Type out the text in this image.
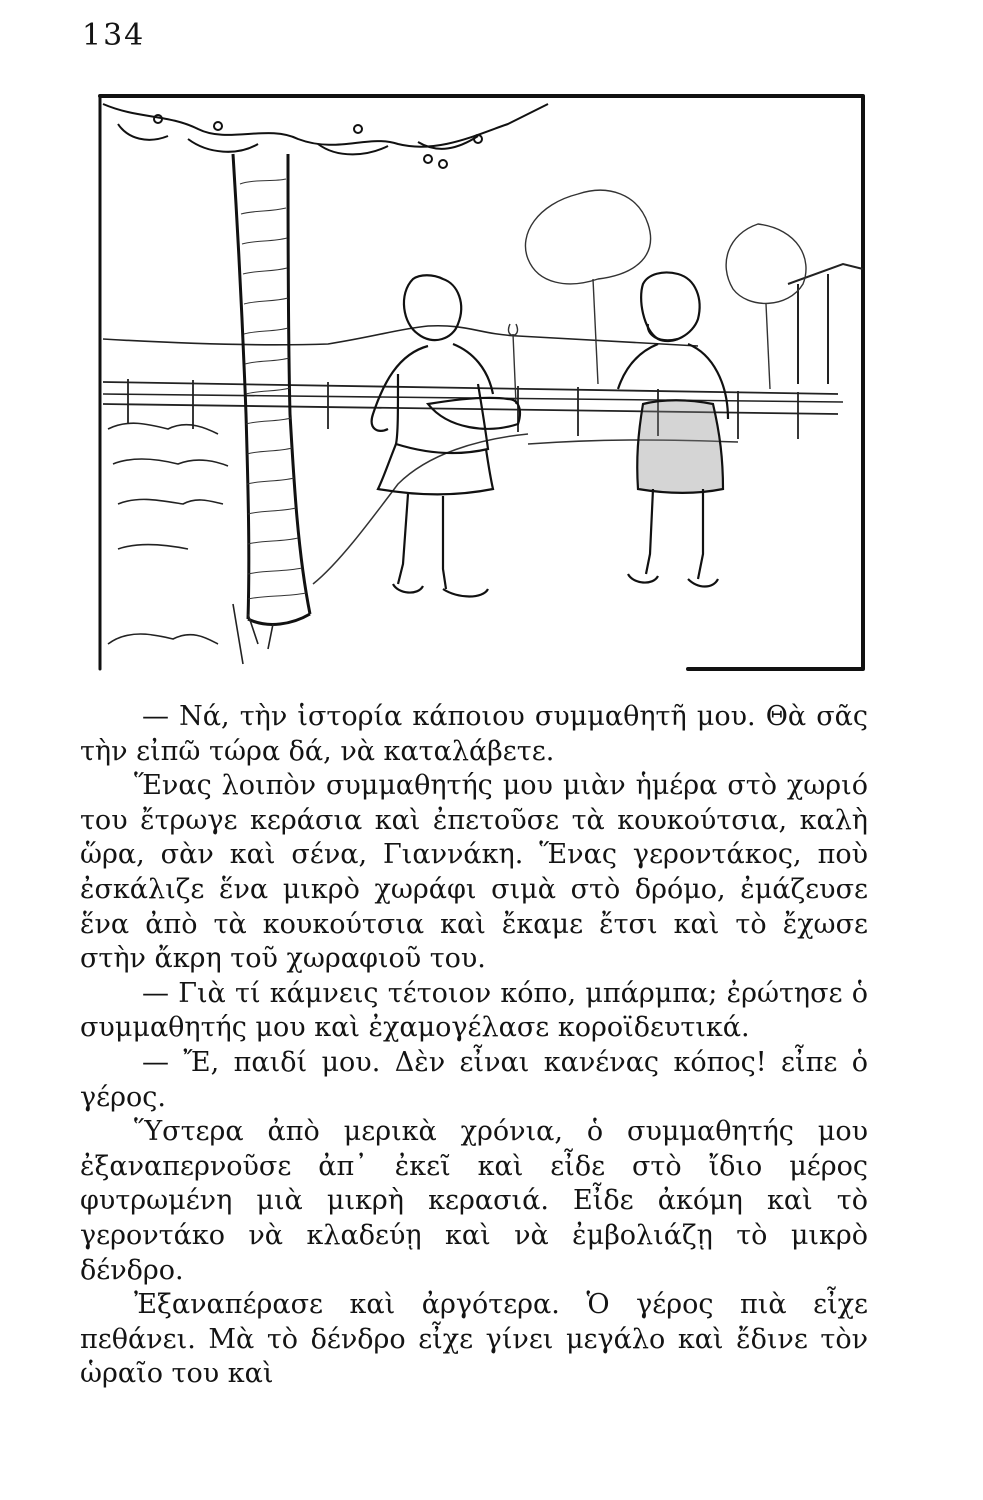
134

— Νά, τὴν ἱστορία κάποιου συμμαθητῆ μου. Θὰ σᾶς τὴν εἰπῶ τώρα δά, νὰ καταλάβετε.

Ἕνας λοιπὸν συμμαθητής μου μιὰν ἡμέρα στὸ χωριό του ἔτρωγε κεράσια καὶ ἐπετοῦσε τὰ κουκούτσια, καλὴ ὥρα, σὰν καὶ σένα, Γιαννάκη. Ἕνας γεροντάκος, ποὺ ἐσκάλιζε ἕνα μικρὸ χωράφι σιμὰ στὸ δρόμο, ἐμάζευσε ἕνα ἀπὸ τὰ κουκούτσια καὶ ἔκαμε ἔτσι καὶ τὸ ἔχωσε στὴν ἄκρη τοῦ χωραφιοῦ του.

— Γιὰ τί κάμνεις τέτοιον κόπο, μπάρμπα; ἐρώτησε ὁ συμμαθητής μου καὶ ἐχαμογέλασε κοροϊδευτικά.

— Ἔ, παιδί μου. Δὲν εἶναι κανένας κόπος! εἶπε ὁ γέρος.

Ὕστερα ἀπὸ μερικὰ χρόνια, ὁ συμμαθητής μου ἐξαναπερνοῦσε ἀπ᾿ ἐκεῖ καὶ εἶδε στὸ ἴδιο μέρος φυτρωμένη μιὰ μικρὴ κερασιά. Εἶδε ἀκόμη καὶ τὸ γεροντάκο νὰ κλαδεύῃ καὶ νὰ ἐμβολιάζῃ τὸ μικρὸ δένδρο.

Ἐξαναπέρασε καὶ ἀργότερα. Ὁ γέρος πιὰ εἶχε πεθάνει. Μὰ τὸ δένδρο εἶχε γίνει μεγάλο καὶ ἔδινε τὸν ὡραῖο του καὶ
